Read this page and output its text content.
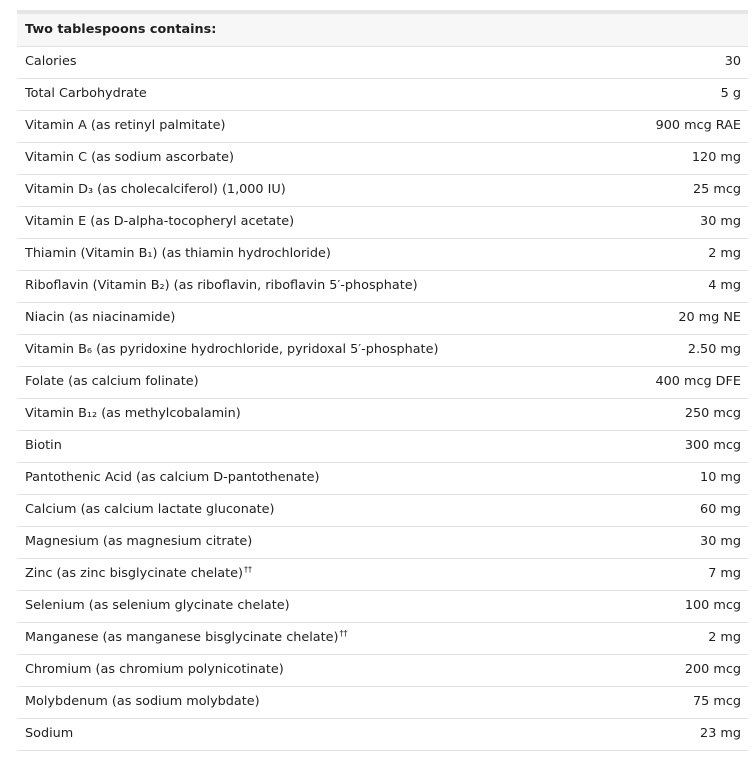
Two tablespoons contains:
Calories	30
Total Carbohydrate	5 g
Vitamin A (as retinyl palmitate)	900 mcg RAE
Vitamin C (as sodium ascorbate)	120 mg
Vitamin D₃ (as cholecalciferol) (1,000 IU)	25 mcg
Vitamin E (as D-alpha-tocopheryl acetate)	30 mg
Thiamin (Vitamin B₁) (as thiamin hydrochloride)	2 mg
Riboflavin (Vitamin B₂) (as riboflavin, riboflavin 5′-phosphate)	4 mg
Niacin (as niacinamide)	20 mg NE
Vitamin B₆ (as pyridoxine hydrochloride, pyridoxal 5′-phosphate)	2.50 mg
Folate (as calcium folinate)	400 mcg DFE
Vitamin B₁₂ (as methylcobalamin)	250 mcg
Biotin	300 mcg
Pantothenic Acid (as calcium D-pantothenate)	10 mg
Calcium (as calcium lactate gluconate)	60 mg
Magnesium (as magnesium citrate)	30 mg
Zinc (as zinc bisglycinate chelate)††	7 mg
Selenium (as selenium glycinate chelate)	100 mcg
Manganese (as manganese bisglycinate chelate)††	2 mg
Chromium (as chromium polynicotinate)	200 mcg
Molybdenum (as sodium molybdate)	75 mcg
Sodium	23 mg
